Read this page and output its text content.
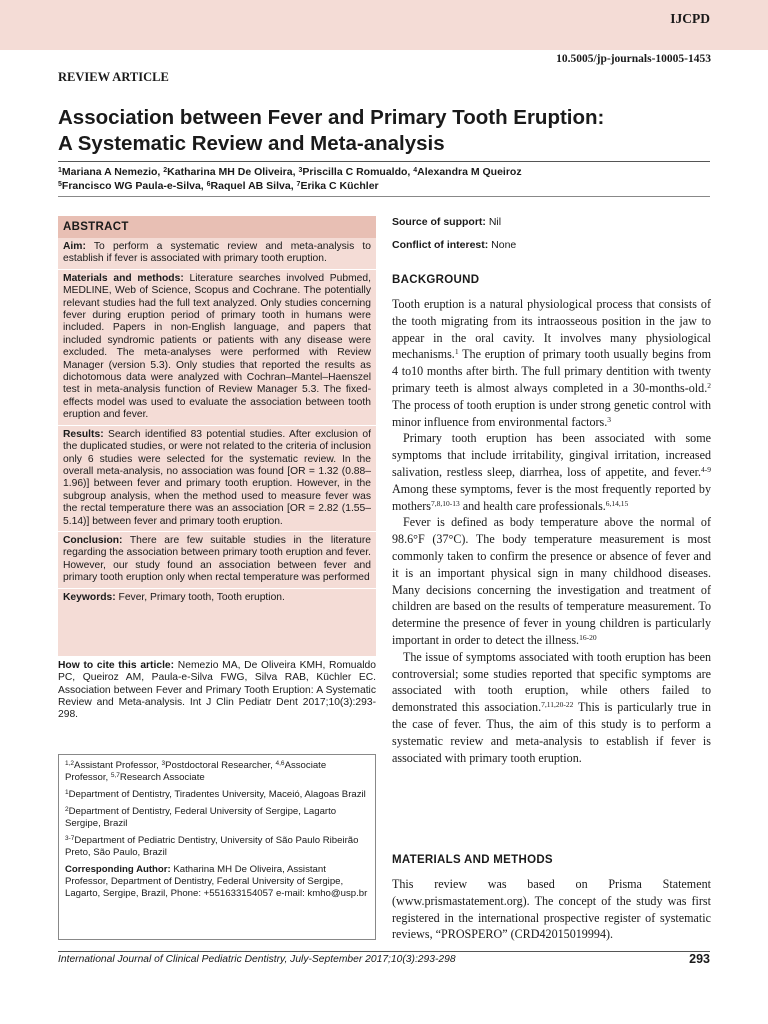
IJCPD
10.5005/jp-journals-10005-1453
REVIEW ARTICLE
Association between Fever and Primary Tooth Eruption:
A Systematic Review and Meta-analysis
$^1$Mariana A Nemezio, $^2$Katharina MH De Oliveira, $^3$Priscilla C Romualdo, $^4$Alexandra M Queiroz
$^5$Francisco WG Paula-e-Silva, $^6$Raquel AB Silva, $^7$Erika C Küchler
ABSTRACT
Aim: To perform a systematic review and meta-analysis to establish if fever is associated with primary tooth eruption.
Materials and methods: Literature searches involved Pubmed, MEDLINE, Web of Science, Scopus and Cochrane. The potentially relevant studies had the full text analyzed. Only studies concerning fever during eruption period of primary tooth in humans were included. Papers in non-English language, and papers that included syndromic patients or patients with any disease were excluded. The meta-analyses were performed with Review Manager (version 5.3). Only studies that reported the results as dichotomous data were analyzed with Cochran–Mantel–Haenszel test in meta-analysis function of Review Manager 5.3. The fixed-effects model was used to evaluate the association between tooth eruption and fever.
Results: Search identified 83 potential studies. After exclusion of the duplicated studies, or were not related to the criteria of inclusion only 6 studies were selected for the systematic review. In the overall meta-analysis, no association was found [OR = 1.32 (0.88–1.96)] between fever and primary tooth eruption. However, in the subgroup analysis, when the method used to measure fever was the rectal temperature there was an association [OR = 2.82 (1.55–5.14)] between fever and primary tooth eruption.
Conclusion: There are few suitable studies in the literature regarding the association between primary tooth eruption and fever. However, our study found an association between fever and primary tooth eruption only when rectal temperature was performed
Keywords: Fever, Primary tooth, Tooth eruption.
How to cite this article: Nemezio MA, De Oliveira KMH, Romualdo PC, Queiroz AM, Paula-e-Silva FWG, Silva RAB, Küchler EC. Association between Fever and Primary Tooth Eruption: A Systematic Review and Meta-analysis. Int J Clin Pediatr Dent 2017;10(3):293-298.

$^{1,2}$Assistant Professor, $^3$Postdoctoral Researcher, $^{4,6}$Associate Professor, $^{5,7}$Research Associate

$^1$Department of Dentistry, Tiradentes University, Maceió, Alagoas Brazil

$^2$Department of Dentistry, Federal University of Sergipe, Lagarto Sergipe, Brazil

$^{3-7}$Department of Pediatric Dentistry, University of São Paulo Ribeirão Preto, São Paulo, Brazil

Corresponding Author: Katharina MH De Oliveira, Assistant Professor, Department of Dentistry, Federal University of Sergipe, Lagarto, Sergipe, Brazil, Phone: +551633154057 e-mail: kmho@usp.br

Source of support: Nil
Conflict of interest: None
BACKGROUND

Tooth eruption is a natural physiological process that consists of the tooth migrating from its intraosseous position in the jaw to appear in the oral cavity. It involves many physiological mechanisms.$^1$ The eruption of primary tooth usually begins from 4 to10 months after birth. The full primary dentition with twenty primary teeth is almost always completed in a 30-months-old.$^2$ The process of tooth eruption is under strong genetic control with minor influence from environmental factors.$^3$

Primary tooth eruption has been associated with some symptoms that include irritability, gingival irritation, increased salivation, restless sleep, diarrhea, loss of appetite, and fever.$^{4-9}$ Among these symptoms, fever is the most frequently reported by mothers$^{7,8,10-13}$ and health care professionals.$^{6,14,15}$

Fever is defined as body temperature above the normal of 98.6°F (37°C). The body temperature measurement is most commonly taken to confirm the presence or absence of fever and it is an important physical sign in many childhood diseases. Many decisions concerning the investigation and treatment of children are based on the results of temperature measurement. To determine the presence of fever in young children is particularly important in order to detect the illness.$^{16-20}$

The issue of symptoms associated with tooth eruption has been controversial; some studies reported that specific symptoms are associated with tooth eruption, while others failed to demonstrated this association.$^{7,11,20-22}$ This is particularly true in the case of fever. Thus, the aim of this study is to perform a systematic review and meta-analysis to establish if fever is associated with primary tooth eruption.

MATERIALS AND METHODS

This review was based on Prisma Statement (www.prismastatement.org). The concept of the study was first registered in the international prospective register of systematic reviews, “PROSPERO” (CRD42015019994).

International Journal of Clinical Pediatric Dentistry, July-September 2017;10(3):293-298	293
